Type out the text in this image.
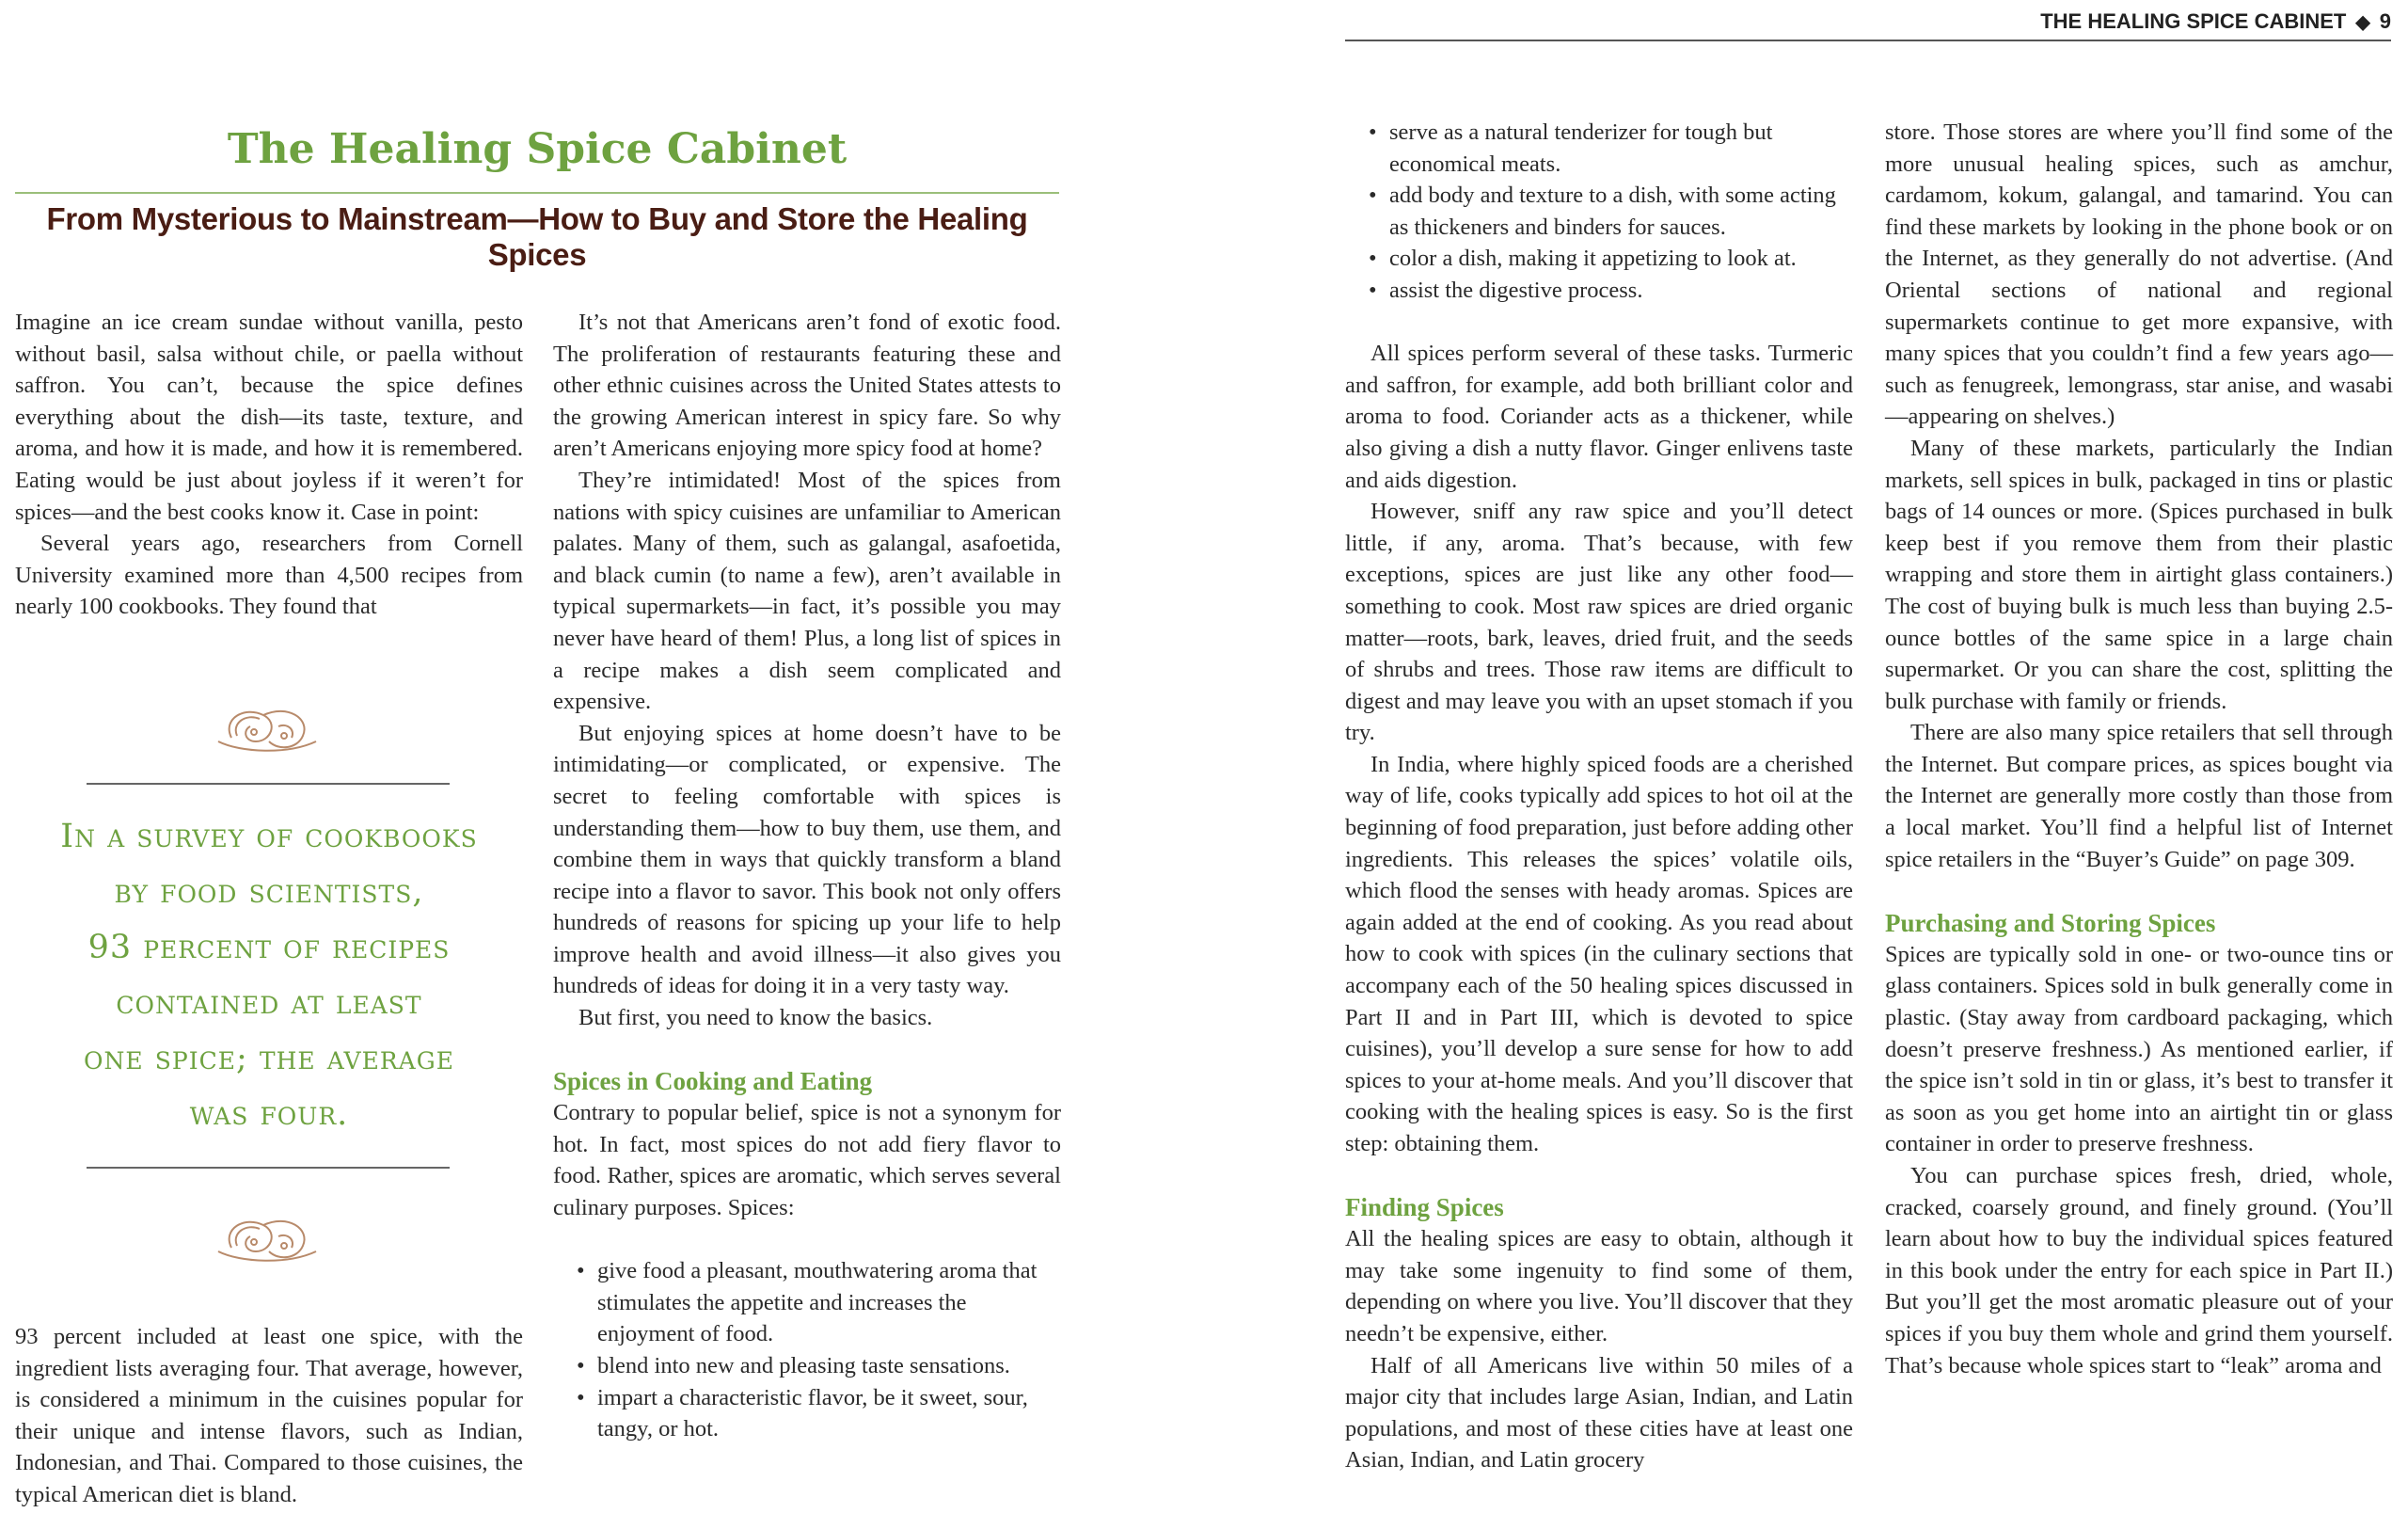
THE HEALING SPICE CABINET ◆ 9
The Healing Spice Cabinet
From Mysterious to Mainstream—How to Buy and Store the Healing Spices

Imagine an ice cream sundae without vanilla, pesto without basil, salsa without chile, or paella without saffron. You can’t, because the spice defines everything about the dish—its taste, texture, and aroma, and how it is made, and how it is remembered. Eating would be just about joyless if it weren’t for spices—and the best cooks know it. Case in point:

Several years ago, researchers from Cornell University examined more than 4,500 recipes from nearly 100 cookbooks. They found that

In a survey of cookbooks
by food scientists,
93 percent of recipes
contained at least
one spice; the average
was four.

93 percent included at least one spice, with the ingredient lists averaging four. That average, however, is considered a minimum in the cuisines popular for their unique and intense flavors, such as Indian, Indonesian, and Thai. Compared to those cuisines, the typical American diet is bland.

It’s not that Americans aren’t fond of exotic food. The proliferation of restaurants featuring these and other ethnic cuisines across the United States attests to the growing American interest in spicy fare. So why aren’t Americans enjoying more spicy food at home?

They’re intimidated! Most of the spices from nations with spicy cuisines are unfamiliar to American palates. Many of them, such as galangal, asafoetida, and black cumin (to name a few), aren’t available in typical supermarkets—in fact, it’s possible you may never have heard of them! Plus, a long list of spices in a recipe makes a dish seem complicated and expensive.

But enjoying spices at home doesn’t have to be intimidating—or complicated, or expensive. The secret to feeling comfortable with spices is understanding them—how to buy them, use them, and combine them in ways that quickly transform a bland recipe into a flavor to savor. This book not only offers hundreds of reasons for spicing up your life to help improve health and avoid illness—it also gives you hundreds of ideas for doing it in a very tasty way.

But first, you need to know the basics.

Spices in Cooking and Eating

Contrary to popular belief, spice is not a synonym for hot. In fact, most spices do not add fiery flavor to food. Rather, spices are aromatic, which serves several culinary purposes. Spices:

• give food a pleasant, mouthwatering aroma that stimulates the appetite and increases the enjoyment of food.
• blend into new and pleasing taste sensations.
• impart a characteristic flavor, be it sweet, sour, tangy, or hot.
• serve as a natural tenderizer for tough but economical meats.
• add body and texture to a dish, with some acting as thickeners and binders for sauces.
• color a dish, making it appetizing to look at.
• assist the digestive process.

All spices perform several of these tasks. Turmeric and saffron, for example, add both brilliant color and aroma to food. Coriander acts as a thickener, while also giving a dish a nutty flavor. Ginger enlivens taste and aids digestion.

However, sniff any raw spice and you’ll detect little, if any, aroma. That’s because, with few exceptions, spices are just like any other food—something to cook. Most raw spices are dried organic matter—roots, bark, leaves, dried fruit, and the seeds of shrubs and trees. Those raw items are difficult to digest and may leave you with an upset stomach if you try.

In India, where highly spiced foods are a cherished way of life, cooks typically add spices to hot oil at the beginning of food preparation, just before adding other ingredients. This releases the spices’ volatile oils, which flood the senses with heady aromas. Spices are again added at the end of cooking. As you read about how to cook with spices (in the culinary sections that accompany each of the 50 healing spices discussed in Part II and in Part III, which is devoted to spice cuisines), you’ll develop a sure sense for how to add spices to your at-home meals. And you’ll discover that cooking with the healing spices is easy. So is the first step: obtaining them.

Finding Spices

All the healing spices are easy to obtain, although it may take some ingenuity to find some of them, depending on where you live. You’ll discover that they needn’t be expensive, either.

Half of all Americans live within 50 miles of a major city that includes large Asian, Indian, and Latin populations, and most of these cities have at least one Asian, Indian, and Latin grocery

store. Those stores are where you’ll find some of the more unusual healing spices, such as amchur, cardamom, kokum, galangal, and tamarind. You can find these markets by looking in the phone book or on the Internet, as they generally do not advertise. (And Oriental sections of national and regional supermarkets continue to get more expansive, with many spices that you couldn’t find a few years ago—such as fenugreek, lemongrass, star anise, and wasabi—appearing on shelves.)

Many of these markets, particularly the Indian markets, sell spices in bulk, packaged in tins or plastic bags of 14 ounces or more. (Spices purchased in bulk keep best if you remove them from their plastic wrapping and store them in airtight glass containers.) The cost of buying bulk is much less than buying 2.5-ounce bottles of the same spice in a large chain supermarket. Or you can share the cost, splitting the bulk purchase with family or friends.

There are also many spice retailers that sell through the Internet. But compare prices, as spices bought via the Internet are generally more costly than those from a local market. You’ll find a helpful list of Internet spice retailers in the “Buyer’s Guide” on page 309.

Purchasing and Storing Spices

Spices are typically sold in one- or two-ounce tins or glass containers. Spices sold in bulk generally come in plastic. (Stay away from cardboard packaging, which doesn’t preserve freshness.) As mentioned earlier, if the spice isn’t sold in tin or glass, it’s best to transfer it as soon as you get home into an airtight tin or glass container in order to preserve freshness.

You can purchase spices fresh, dried, whole, cracked, coarsely ground, and finely ground. (You’ll learn about how to buy the individual spices featured in this book under the entry for each spice in Part II.) But you’ll get the most aromatic pleasure out of your spices if you buy them whole and grind them yourself. That’s because whole spices start to “leak” aroma and
